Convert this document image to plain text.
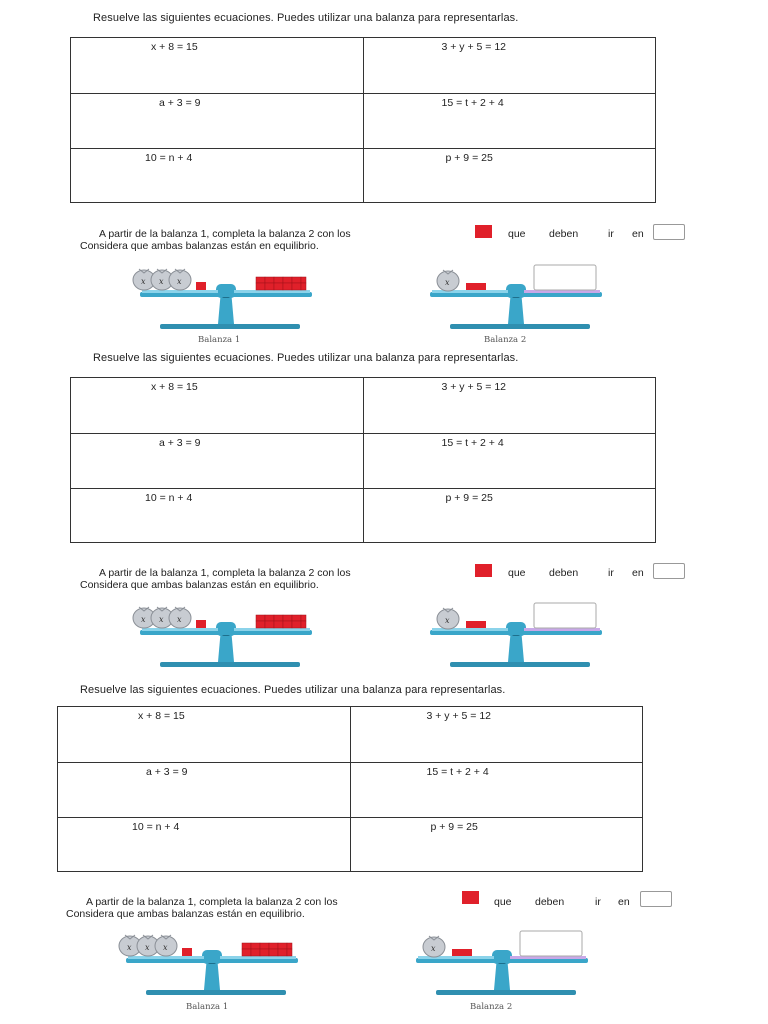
Resuelve las siguientes ecuaciones. Puedes utilizar una balanza para representarlas.
x + 8 = 15	3 + y + 5 = 12

a + 3 = 9	15 = t + 2 + 4

10 = n + 4	p + 9 = 25
A partir de la balanza 1, completa la balanza 2 con los	que deben	ir en
Considera que ambas balanzas están en equilibrio.
x x x	x
Balanza 1	Balanza 2
Resuelve las siguientes ecuaciones. Puedes utilizar una balanza para representarlas.
x + 8 = 15	3 + y + 5 = 12

a + 3 = 9	15 = t + 2 + 4

10 = n + 4	p + 9 = 25
A partir de la balanza 1, completa la balanza 2 con los	que deben	ir en
Considera que ambas balanzas están en equilibrio.
x x x	x
Resuelve las siguientes ecuaciones. Puedes utilizar una balanza para representarlas.
x + 8 = 15	3 + y + 5 = 12

a + 3 = 9	15 = t + 2 + 4

10 = n + 4	p + 9 = 25
A partir de la balanza 1, completa la balanza 2 con los	que deben	ir en
Considera que ambas balanzas están en equilibrio.
x x x	x
Balanza 1	Balanza 2
